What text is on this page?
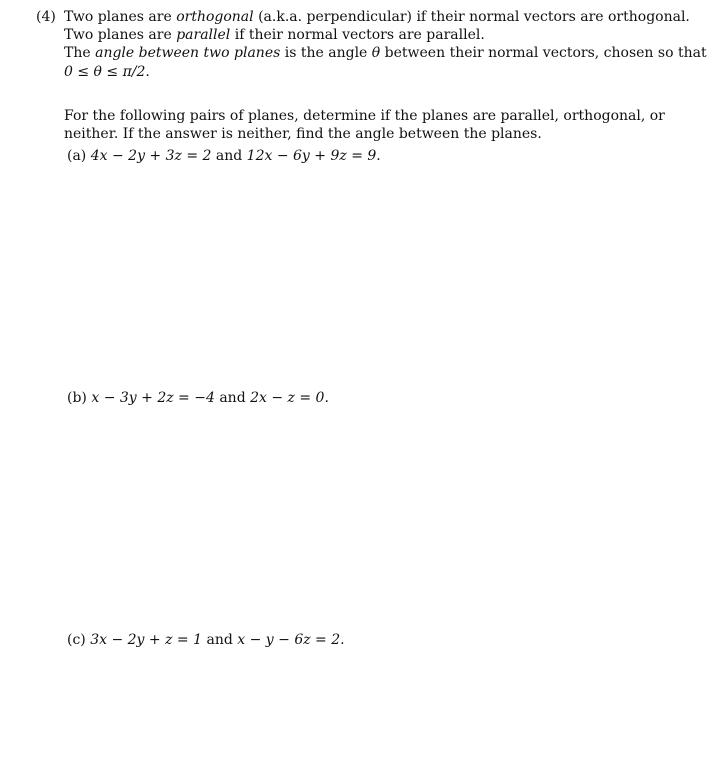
(4) Two planes are orthogonal (a.k.a. perpendicular) if their normal vectors are orthogonal.
Two planes are parallel if their normal vectors are parallel.
The angle between two planes is the angle θ between their normal vectors, chosen so that
0 ≤ θ ≤ π/2.
For the following pairs of planes, determine if the planes are parallel, orthogonal, or
neither. If the answer is neither, find the angle between the planes.
(a) 4x − 2y + 3z = 2 and 12x − 6y + 9z = 9.
(b) x − 3y + 2z = −4 and 2x − z = 0.
(c) 3x − 2y + z = 1 and x − y − 6z = 2.
